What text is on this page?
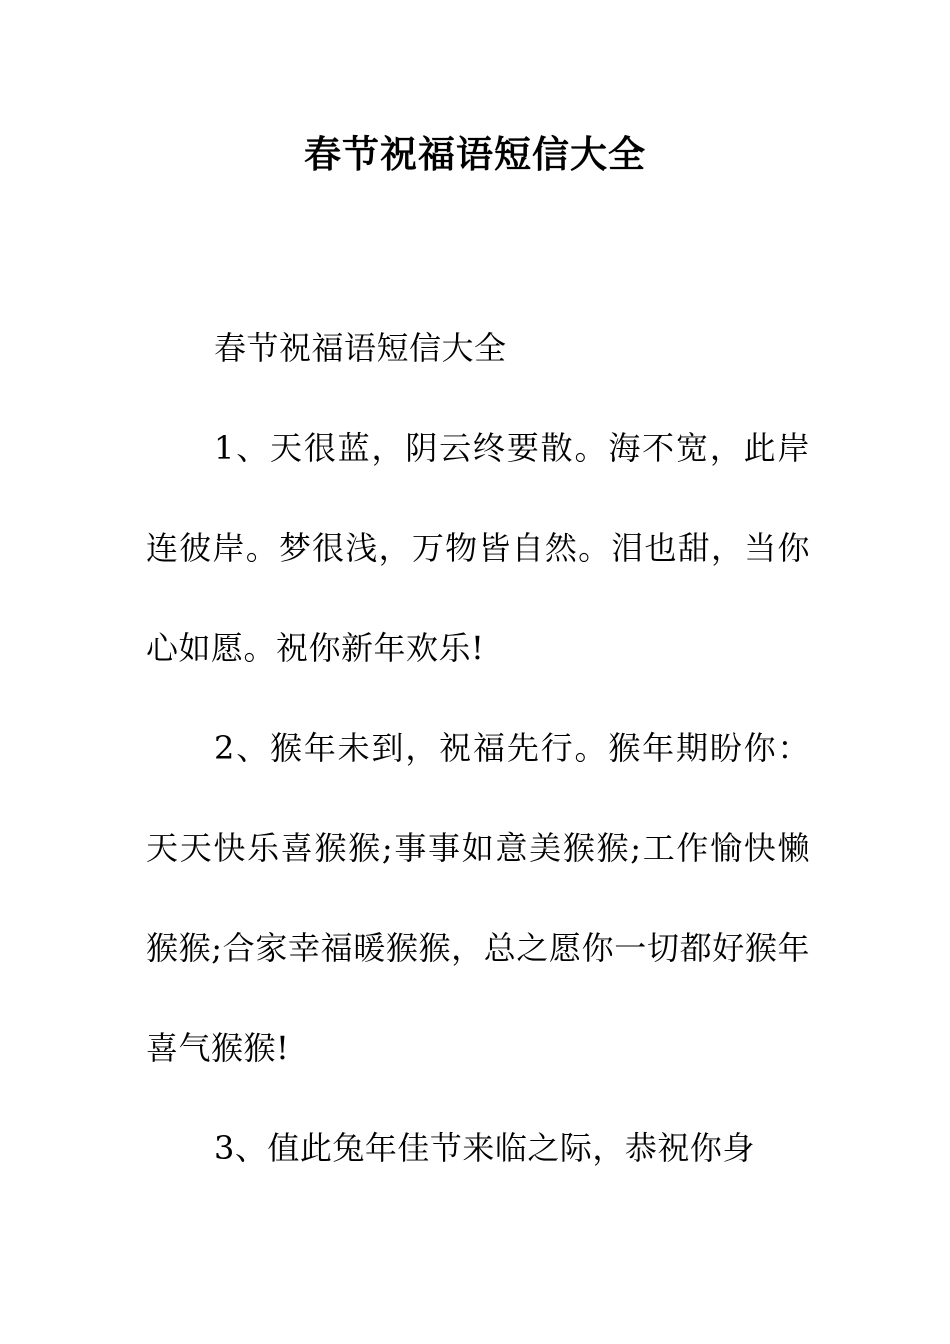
春节祝福语短信大全

春节祝福语短信大全

1、天很蓝，阴云终要散。海不宽，此岸连彼岸。梦很浅，万物皆自然。泪也甜，当你心如愿。祝你新年欢乐!

2、猴年未到，祝福先行。猴年期盼你：天天快乐喜猴猴;事事如意美猴猴;工作愉快懒猴猴;合家幸福暖猴猴，总之愿你一切都好猴年喜气猴猴!

3、值此兔年佳节来临之际，恭祝你身
